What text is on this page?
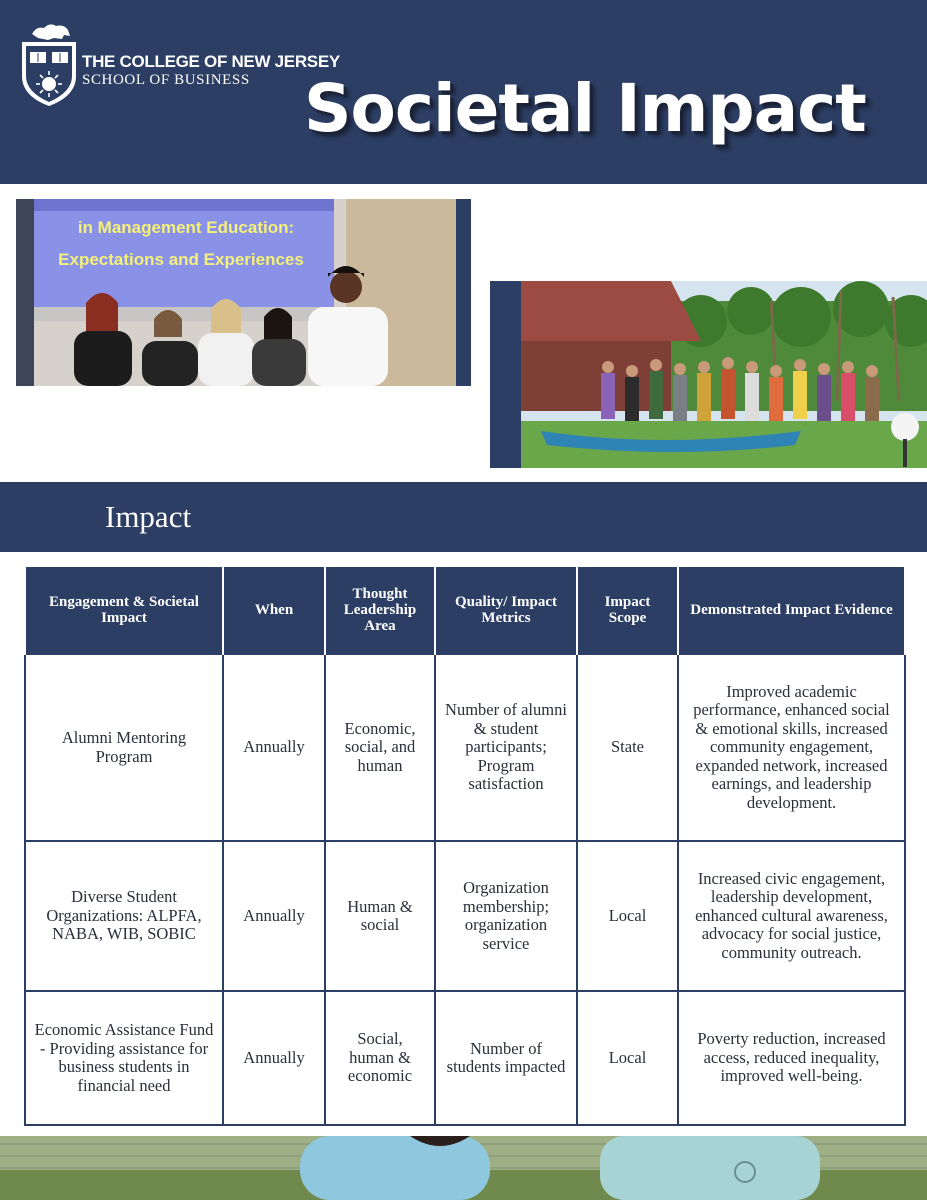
THE COLLEGE OF NEW JERSEY
SCHOOL OF BUSINESS Societal Impact
in Management Education:
Expectations and Experiences
Impact
Engagement & Societal Impact	When	Thought Leadership Area	Quality/ Impact Metrics	Impact Scope	Demonstrated Impact Evidence
Alumni Mentoring Program	Annually	Economic, social, and human	Number of alumni & student participants; Program satisfaction	State	Improved academic performance, enhanced social & emotional skills, increased community engagement, expanded network, increased earnings, and leadership development.
Diverse Student Organizations: ALPFA, NABA, WIB, SOBIC	Annually	Human & social	Organization membership; organization service	Local	Increased civic engagement, leadership development, enhanced cultural awareness, advocacy for social justice, community outreach.
Economic Assistance Fund - Providing assistance for business students in financial need	Annually	Social, human & economic	Number of students impacted	Local	Poverty reduction, increased access, reduced inequality, improved well-being.
